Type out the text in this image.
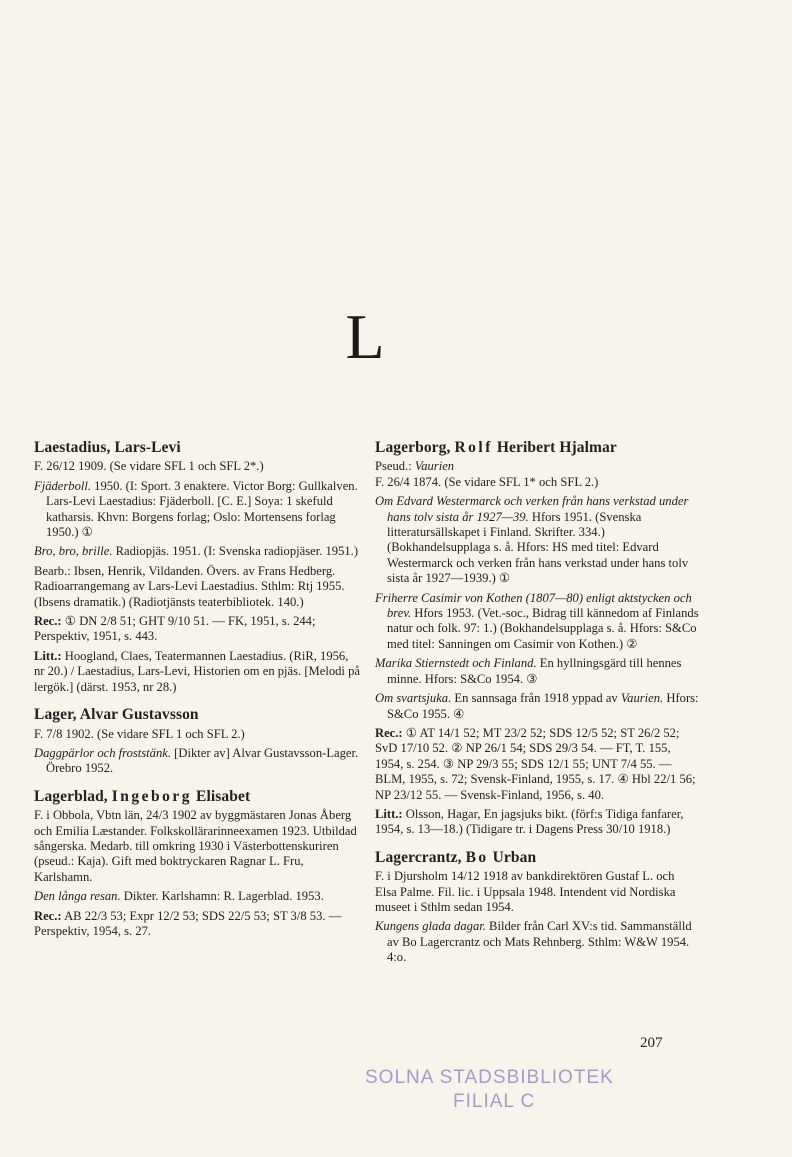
L
Laestadius, Lars-Levi

F. 26/12 1909. (Se vidare SFL 1 och SFL 2*.)

Fjäderboll. 1950. (I: Sport. 3 enaktere. Victor Borg: Gullkalven. Lars-Levi Laestadius: Fjäderboll. [C. E.] Soya: 1 skefuld katharsis. Khvn: Borgens forlag; Oslo: Mortensens forlag 1950.) ①

Bro, bro, brille. Radiopjäs. 1951. (I: Svenska radiopjäser. 1951.)

Bearb.: Ibsen, Henrik, Vildanden. Övers. av Frans Hedberg. Radioarrangemang av Lars-Levi Laestadius. Sthlm: Rtj 1955. (Ibsens dramatik.) (Radiotjänsts teaterbibliotek. 140.)

Rec.: ① DN 2/8 51; GHT 9/10 51. — FK, 1951, s. 244; Perspektiv, 1951, s. 443.

Litt.: Hoogland, Claes, Teatermannen Laestadius. (RiR, 1956, nr 20.) / Laestadius, Lars-Levi, Historien om en pjäs. [Melodi på lergök.] (därst. 1953, nr 28.)

Lager, Alvar Gustavsson

F. 7/8 1902. (Se vidare SFL 1 och SFL 2.)

Daggpärlor och froststänk. [Dikter av] Alvar Gustavsson-Lager. Örebro 1952.

Lagerblad, Ingeborg Elisabet

F. i Obbola, Vbtn län, 24/3 1902 av byggmästaren Jonas Åberg och Emilia Læstander. Folkskollärarinneexamen 1923. Utbildad sångerska. Medarb. till omkring 1930 i Västerbottenskuriren (pseud.: Kaja). Gift med boktryckaren Ragnar L. Fru, Karlshamn.

Den långa resan. Dikter. Karlshamn: R. Lagerblad. 1953.

Rec.: AB 22/3 53; Expr 12/2 53; SDS 22/5 53; ST 3/8 53. — Perspektiv, 1954, s. 27.

Lagerborg, Rolf Heribert Hjalmar

Pseud.: Vaurien

F. 26/4 1874. (Se vidare SFL 1* och SFL 2.)

Om Edvard Westermarck och verken från hans verkstad under hans tolv sista år 1927—39. Hfors 1951. (Svenska litteratursällskapet i Finland. Skrifter. 334.) (Bokhandelsupplaga s. å. Hfors: HS med titel: Edvard Westermarck och verken från hans verkstad under hans tolv sista år 1927—1939.) ①

Friherre Casimir von Kothen (1807—80) enligt aktstycken och brev. Hfors 1953. (Vet.-soc., Bidrag till kännedom af Finlands natur och folk. 97: 1.) (Bokhandelsupplaga s. å. Hfors: S&Co med titel: Sanningen om Casimir von Kothen.) ②

Marika Stiernstedt och Finland. En hyllningsgärd till hennes minne. Hfors: S&Co 1954. ③

Om svartsjuka. En sannsaga från 1918 yppad av Vaurien. Hfors: S&Co 1955. ④

Rec.: ① AT 14/1 52; MT 23/2 52; SDS 12/5 52; ST 26/2 52; SvD 17/10 52. ② NP 26/1 54; SDS 29/3 54. — FT, T. 155, 1954, s. 254. ③ NP 29/3 55; SDS 12/1 55; UNT 7/4 55. — BLM, 1955, s. 72; Svensk-Finland, 1955, s. 17. ④ Hbl 22/1 56; NP 23/12 55. — Svensk-Finland, 1956, s. 40.

Litt.: Olsson, Hagar, En jagsjuks bikt. (förf:s Tidiga fanfarer, 1954, s. 13—18.) (Tidigare tr. i Dagens Press 30/10 1918.)

Lagercrantz, Bo Urban

F. i Djursholm 14/12 1918 av bankdirektören Gustaf L. och Elsa Palme. Fil. lic. i Uppsala 1948. Intendent vid Nordiska museet i Sthlm sedan 1954.

Kungens glada dagar. Bilder från Carl XV:s tid. Sammanställd av Bo Lagercrantz och Mats Rehnberg. Sthlm: W&W 1954. 4:o.

207
SOLNA STADSBIBLIOTEK
FILIAL C
